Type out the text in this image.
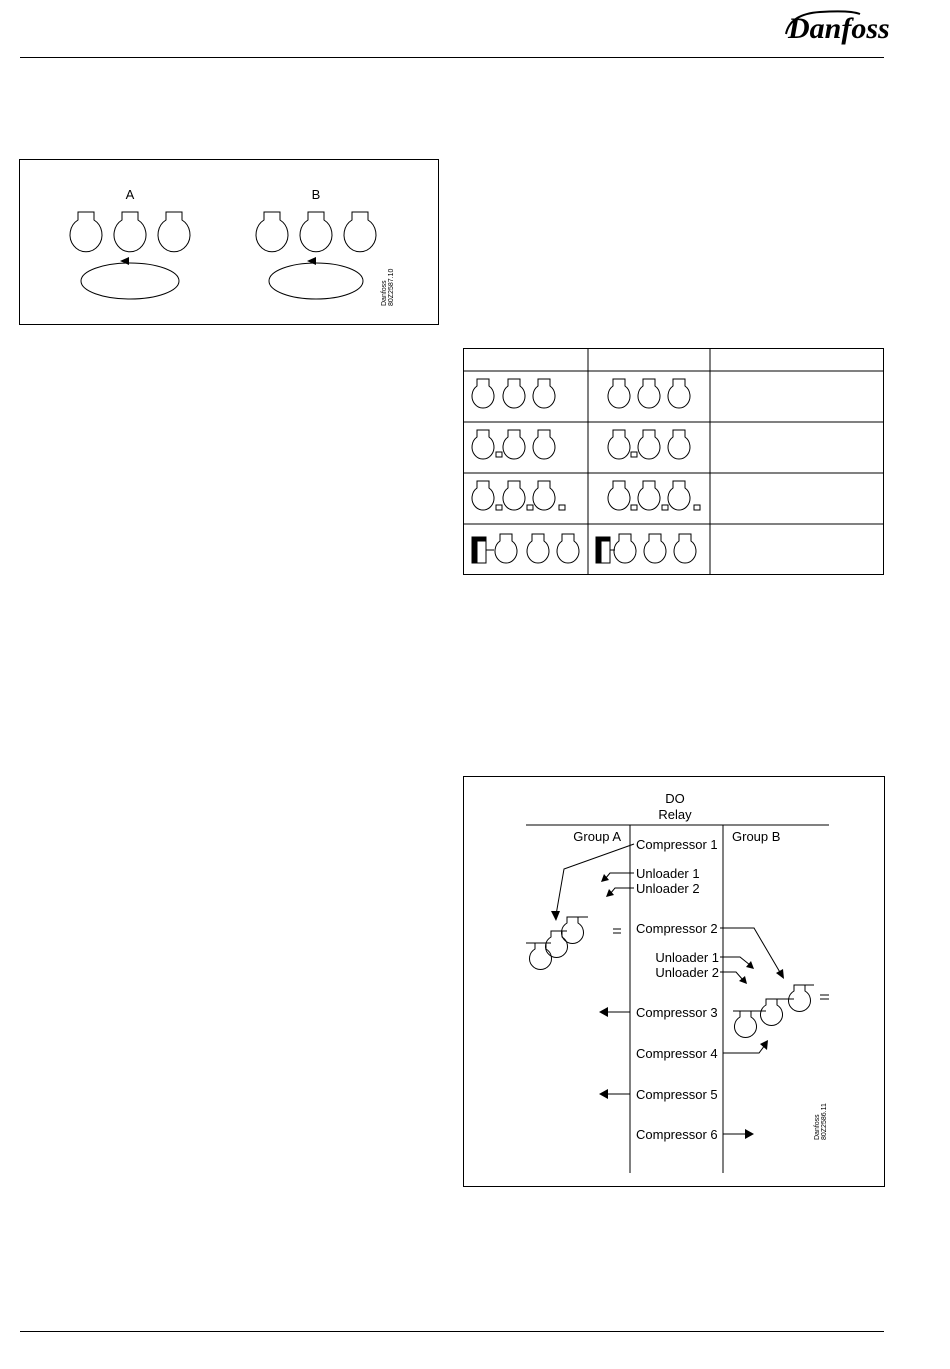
Danfoss
A	B
Danfoss 80Z2587.10
DO
Relay
Group A	Group B
Compressor 1
Unloader 1
Unloader 2
Compressor 2
Unloader 1
Unloader 2
Compressor 3
Compressor 4
Compressor 5
Compressor 6	Danfoss 80Z2586.11
